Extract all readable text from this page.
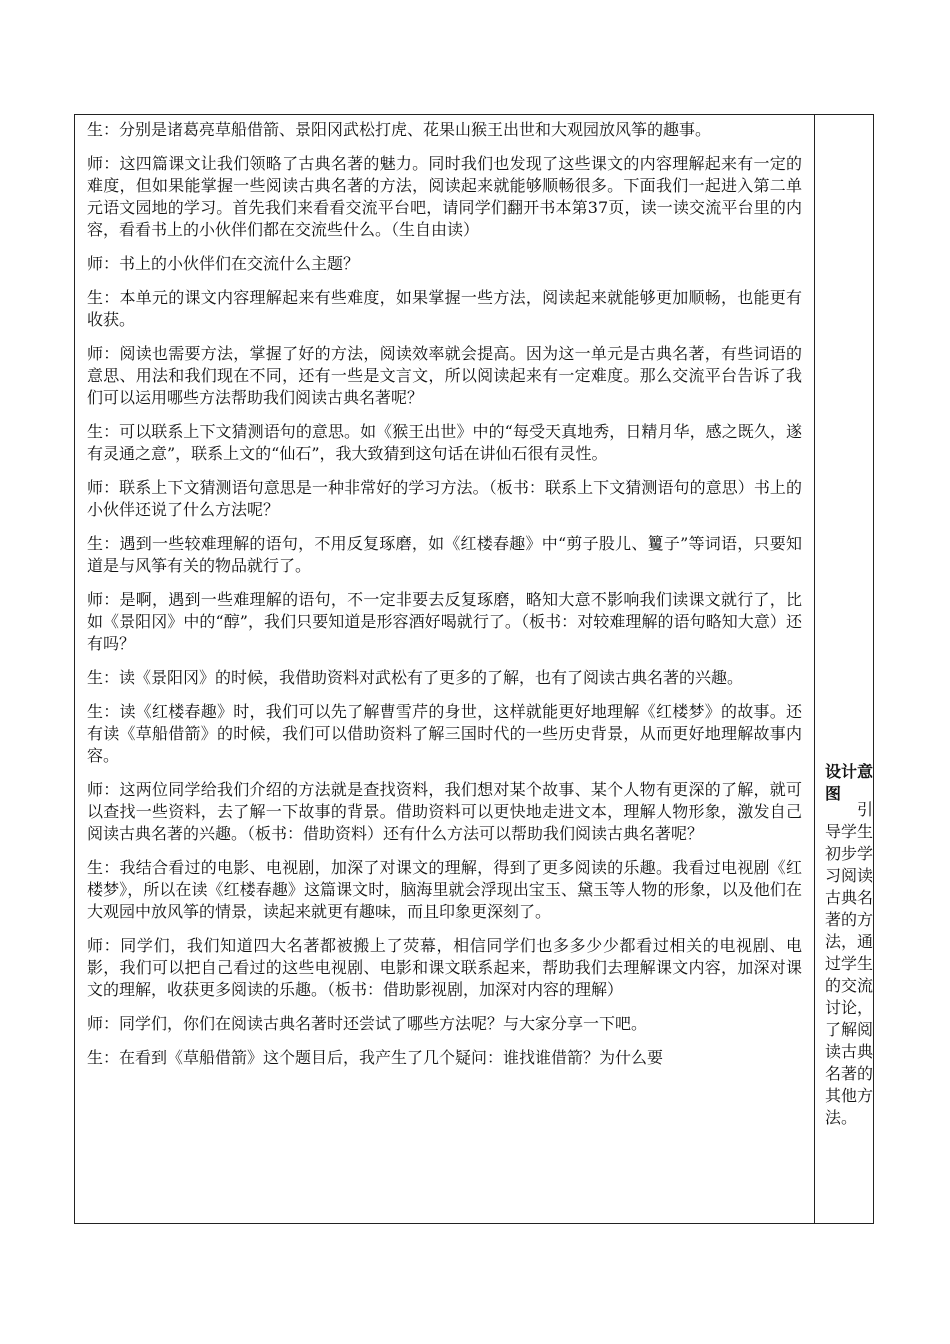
生：分别是诸葛亮草船借箭、景阳冈武松打虎、花果山猴王出世和大观园放风筝的趣事。

师：这四篇课文让我们领略了古典名著的魅力。同时我们也发现了这些课文的内容理解起来有一定的难度，但如果能掌握一些阅读古典名著的方法，阅读起来就能够顺畅很多。下面我们一起进入第二单元语文园地的学习。首先我们来看看交流平台吧，请同学们翻开书本第37页，读一读交流平台里的内容，看看书上的小伙伴们都在交流些什么。（生自由读）

师：书上的小伙伴们在交流什么主题？

生：本单元的课文内容理解起来有些难度，如果掌握一些方法，阅读起来就能够更加顺畅，也能更有收获。

师：阅读也需要方法，掌握了好的方法，阅读效率就会提高。因为这一单元是古典名著，有些词语的意思、用法和我们现在不同，还有一些是文言文，所以阅读起来有一定难度。那么交流平台告诉了我们可以运用哪些方法帮助我们阅读古典名著呢？

生：可以联系上下文猜测语句的意思。如《猴王出世》中的“每受天真地秀，日精月华，感之既久，遂有灵通之意”，联系上文的“仙石”，我大致猜到这句话在讲仙石很有灵性。

师：联系上下文猜测语句意思是一种非常好的学习方法。（板书：联系上下文猜测语句的意思）书上的小伙伴还说了什么方法呢？

生：遇到一些较难理解的语句，不用反复琢磨，如《红楼春趣》中“剪子股儿、籰子”等词语，只要知道是与风筝有关的物品就行了。

师：是啊，遇到一些难理解的语句，不一定非要去反复琢磨，略知大意不影响我们读课文就行了，比如《景阳冈》中的“醇”，我们只要知道是形容酒好喝就行了。（板书：对较难理解的语句略知大意）还有吗？

生：读《景阳冈》的时候，我借助资料对武松有了更多的了解，也有了阅读古典名著的兴趣。

生：读《红楼春趣》时，我们可以先了解曹雪芹的身世，这样就能更好地理解《红楼梦》的故事。还有读《草船借箭》的时候，我们可以借助资料了解三国时代的一些历史背景，从而更好地理解故事内容。

师：这两位同学给我们介绍的方法就是查找资料，我们想对某个故事、某个人物有更深的了解，就可以查找一些资料，去了解一下故事的背景。借助资料可以更快地走进文本，理解人物形象，激发自己阅读古典名著的兴趣。（板书：借助资料）还有什么方法可以帮助我们阅读古典名著呢？

生：我结合看过的电影、电视剧，加深了对课文的理解，得到了更多阅读的乐趣。我看过电视剧《红楼梦》，所以在读《红楼春趣》这篇课文时，脑海里就会浮现出宝玉、黛玉等人物的形象，以及他们在大观园中放风筝的情景，读起来就更有趣味，而且印象更深刻了。

师：同学们，我们知道四大名著都被搬上了荧幕，相信同学们也多多少少都看过相关的电视剧、电影，我们可以把自己看过的这些电视剧、电影和课文联系起来，帮助我们去理解课文内容，加深对课文的理解，收获更多阅读的乐趣。（板书：借助影视剧，加深对内容的理解）

师：同学们，你们在阅读古典名著时还尝试了哪些方法呢？与大家分享一下吧。

生：在看到《草船借箭》这个题目后，我产生了几个疑问：谁找谁借箭？为什么要

设计意图
引导学生初步学习阅读古典名著的方法，通过学生的交流讨论，了解阅读古典名著的其他方法。
